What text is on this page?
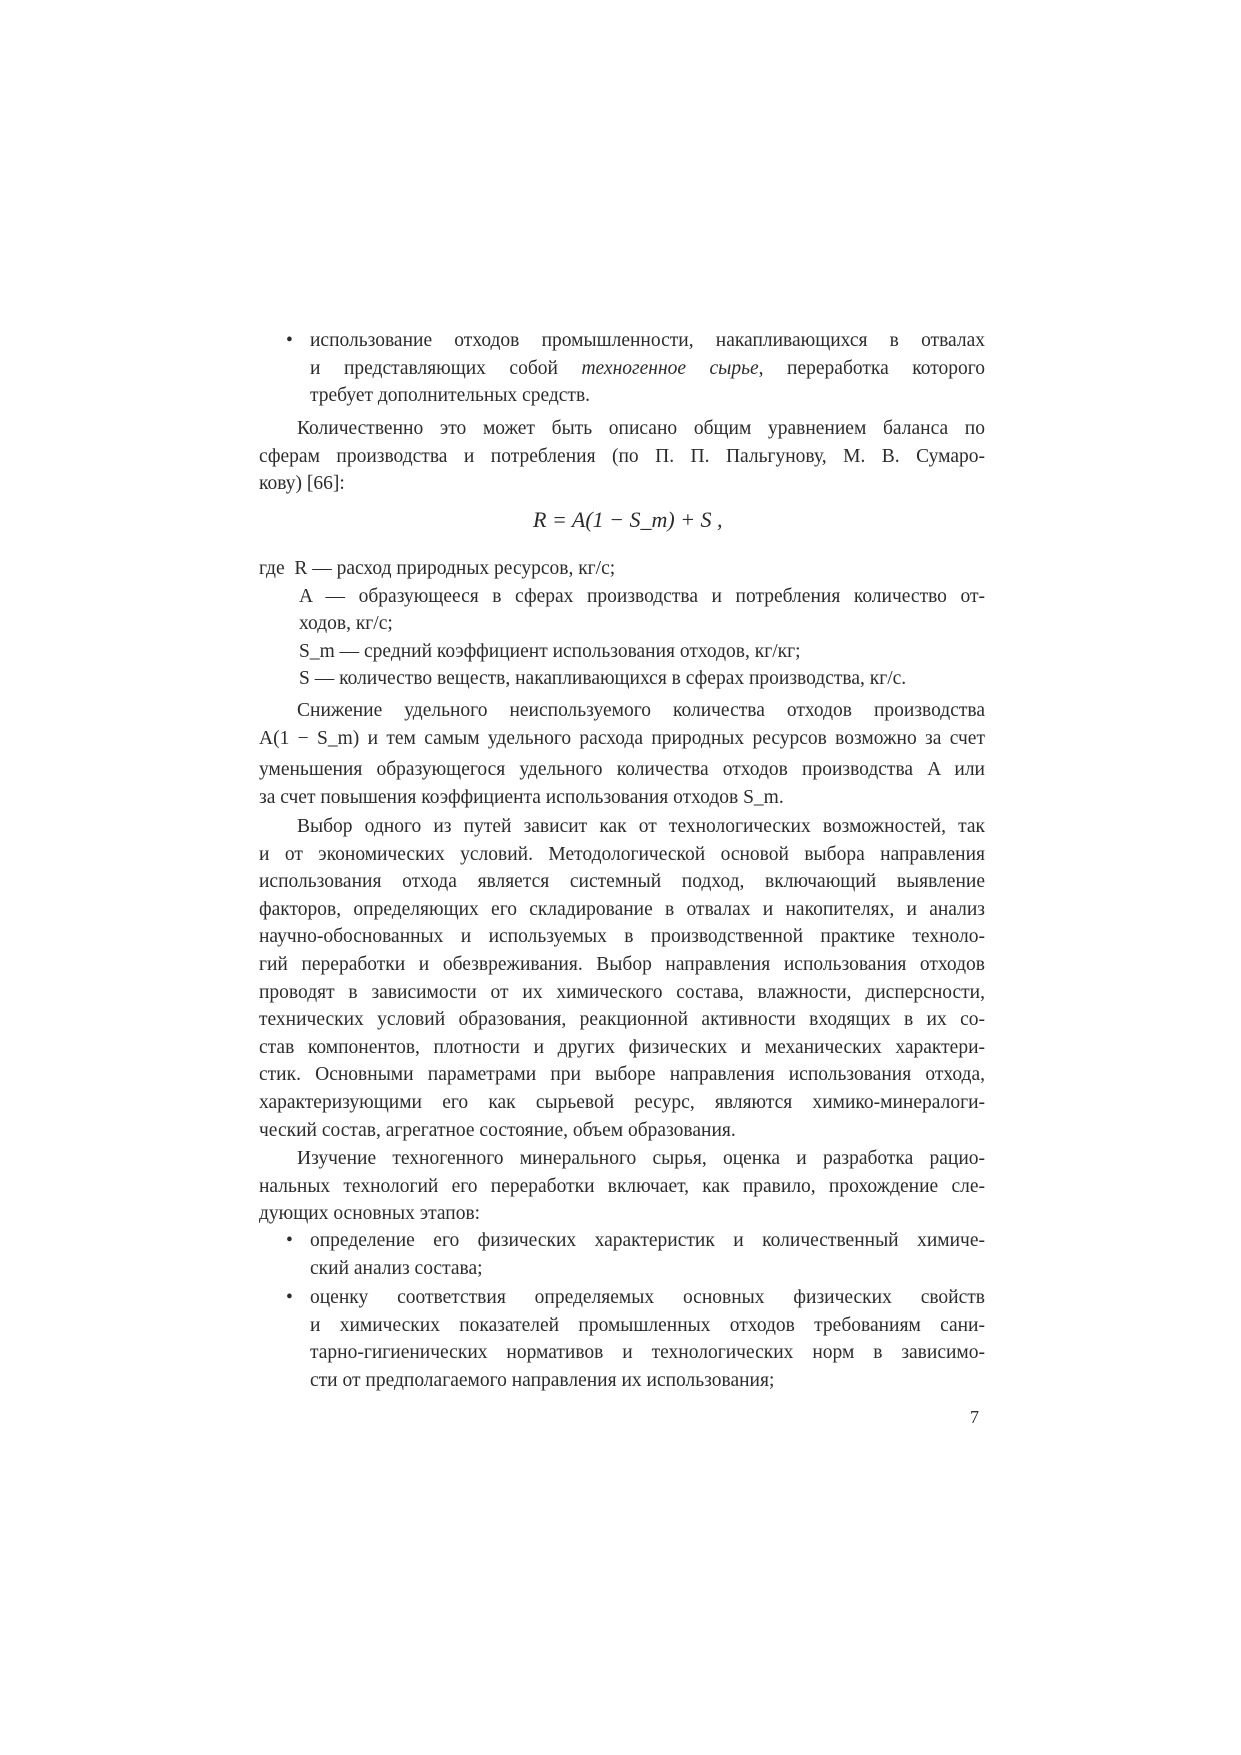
• использование отходов промышленности, накапливающихся в отвалах
и представляющих собой техногенное сырье, переработка которого
требует дополнительных средств.
Количественно это может быть описано общим уравнением баланса по
сферам производства и потребления (по П. П. Пальгунову, М. В. Сумаро-
кову) [66]:
R = A(1 − S_m) + S ,
где R — расход природных ресурсов, кг/с;
A — образующееся в сферах производства и потребления количество от-
ходов, кг/с;
S_m — средний коэффициент использования отходов, кг/кг;
S — количество веществ, накапливающихся в сферах производства, кг/с.
Снижение удельного неиспользуемого количества отходов производства
A(1 − S_m) и тем самым удельного расхода природных ресурсов возможно за счет
уменьшения образующегося удельного количества отходов производства A или
за счет повышения коэффициента использования отходов S_m.
Выбор одного из путей зависит как от технологических возможностей, так
и от экономических условий. Методологической основой выбора направления
использования отхода является системный подход, включающий выявление
факторов, определяющих его складирование в отвалах и накопителях, и анализ
научно-обоснованных и используемых в производственной практике техноло-
гий переработки и обезвреживания. Выбор направления использования отходов
проводят в зависимости от их химического состава, влажности, дисперсности,
технических условий образования, реакционной активности входящих в их со-
став компонентов, плотности и других физических и механических характери-
стик. Основными параметрами при выборе направления использования отхода,
характеризующими его как сырьевой ресурс, являются химико-минералоги-
ческий состав, агрегатное состояние, объем образования.
Изучение техногенного минерального сырья, оценка и разработка рацио-
нальных технологий его переработки включает, как правило, прохождение сле-
дующих основных этапов:
• определение его физических характеристик и количественный химиче-
ский анализ состава;
• оценку соответствия определяемых основных физических свойств
и химических показателей промышленных отходов требованиям сани-
тарно-гигиенических нормативов и технологических норм в зависимо-
сти от предполагаемого направления их использования;
7
